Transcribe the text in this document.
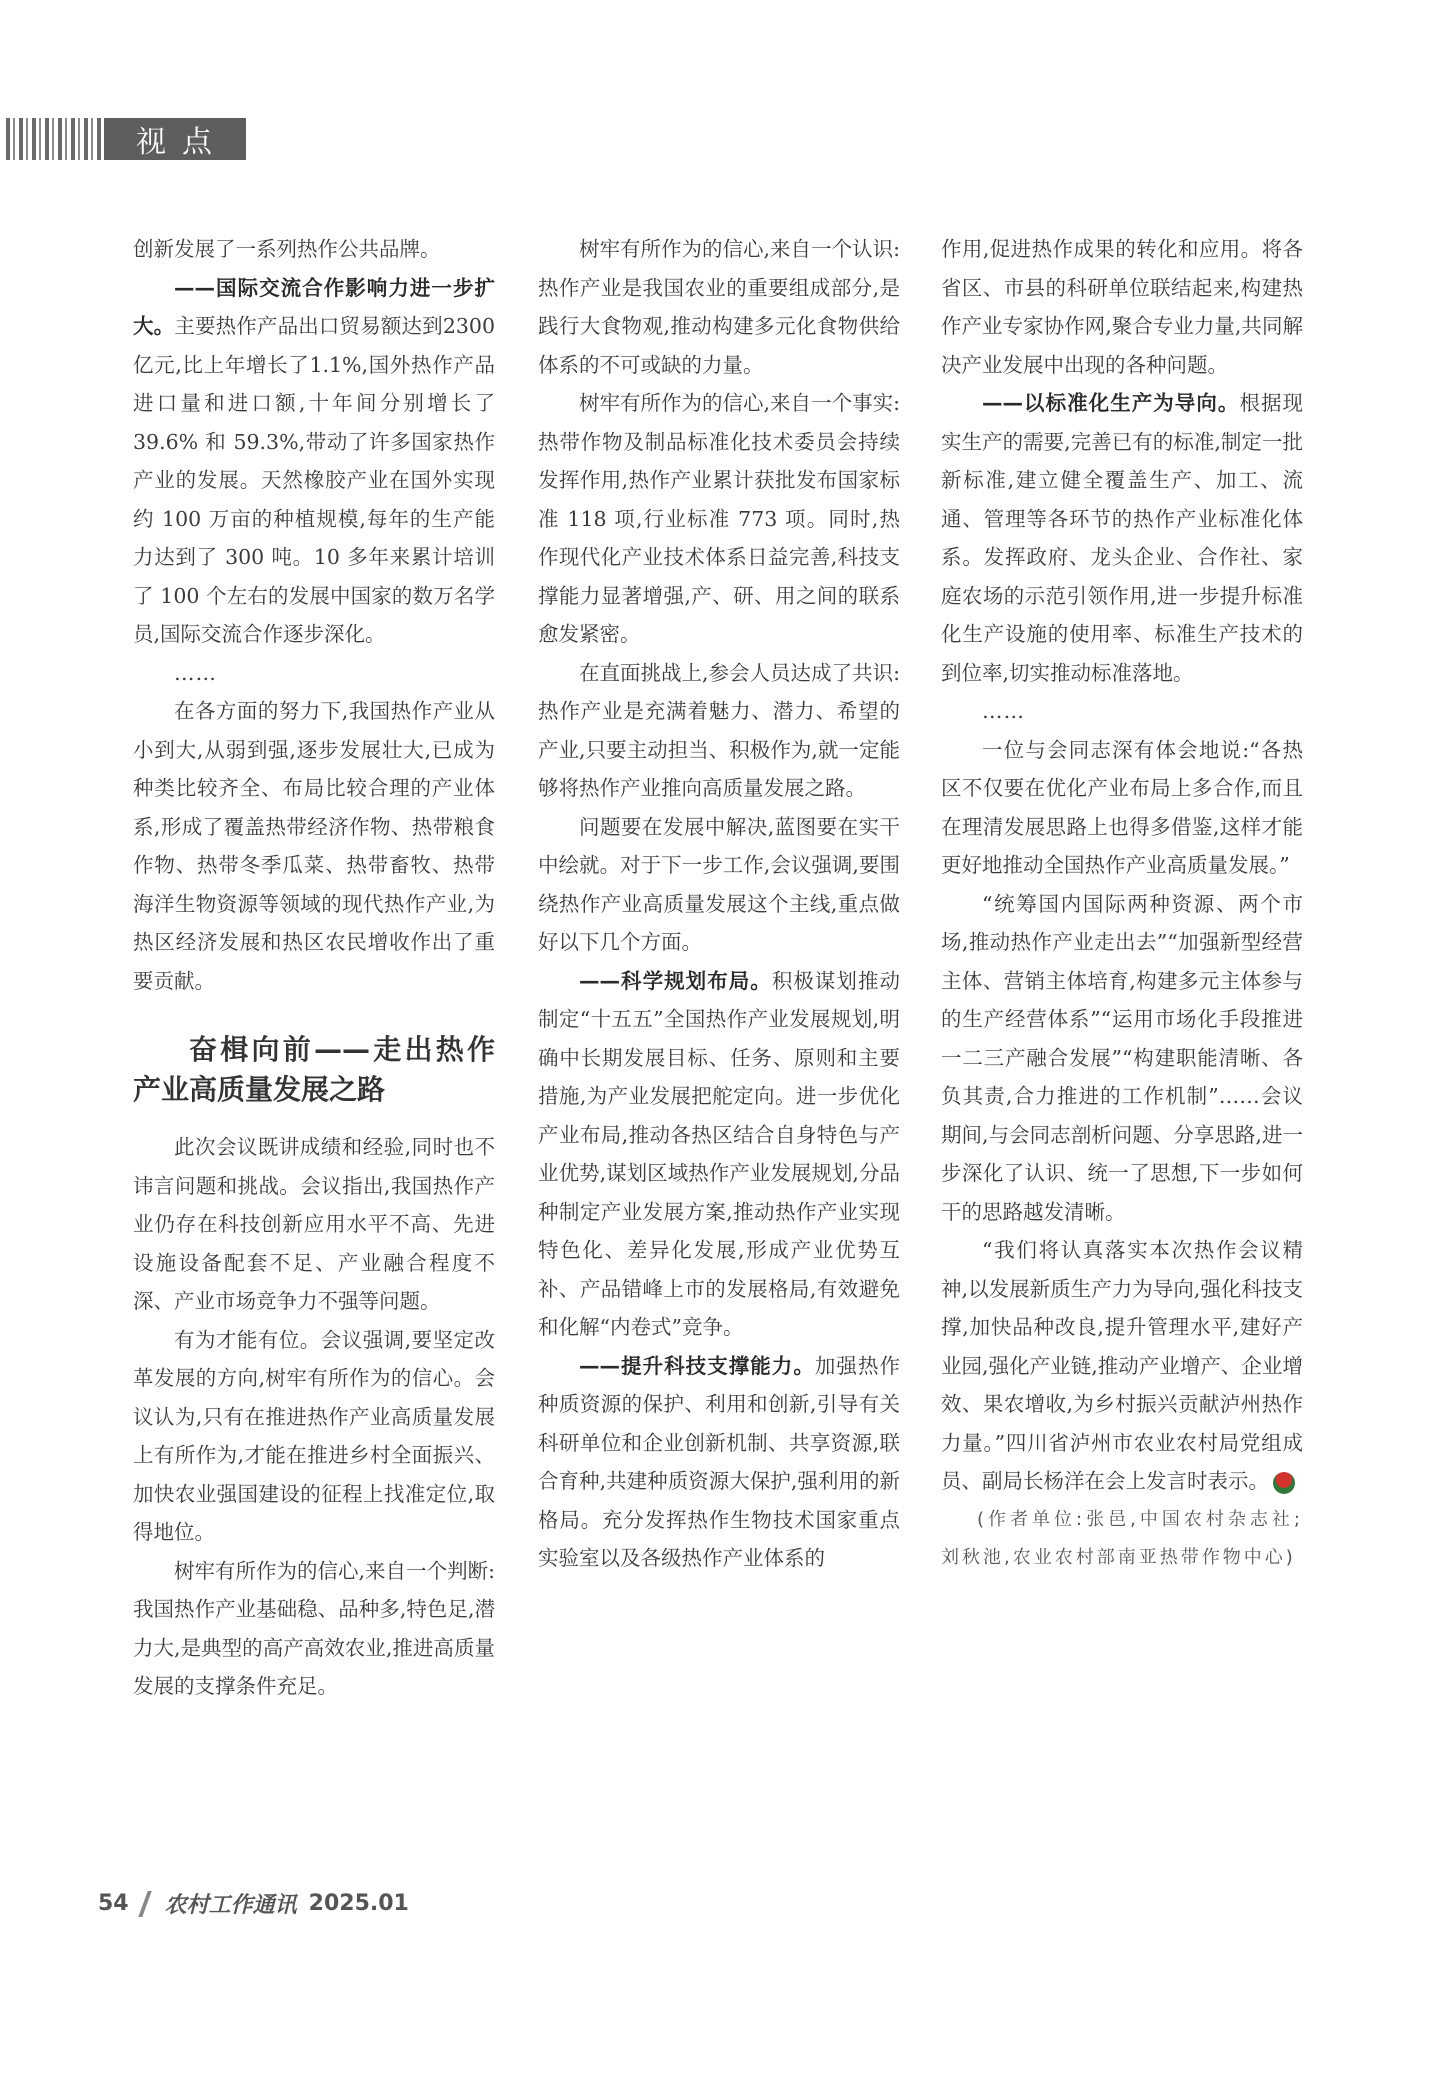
视点

创新发展了一系列热作公共品牌。

——国际交流合作影响力进一步扩大。主要热作产品出口贸易额达到2300亿元,比上年增长了1.1%,国外热作产品进口量和进口额,十年间分别增长了39.6% 和 59.3%,带动了许多国家热作产业的发展。天然橡胶产业在国外实现约 100 万亩的种植规模,每年的生产能力达到了 300 吨。10 多年来累计培训了 100 个左右的发展中国家的数万名学员,国际交流合作逐步深化。

……

在各方面的努力下,我国热作产业从小到大,从弱到强,逐步发展壮大,已成为种类比较齐全、布局比较合理的产业体系,形成了覆盖热带经济作物、热带粮食作物、热带冬季瓜菜、热带畜牧、热带海洋生物资源等领域的现代热作产业,为热区经济发展和热区农民增收作出了重要贡献。

奋楫向前——走出热作产业高质量发展之路

此次会议既讲成绩和经验,同时也不讳言问题和挑战。会议指出,我国热作产业仍存在科技创新应用水平不高、先进设施设备配套不足、产业融合程度不深、产业市场竞争力不强等问题。

有为才能有位。会议强调,要坚定改革发展的方向,树牢有所作为的信心。会议认为,只有在推进热作产业高质量发展上有所作为,才能在推进乡村全面振兴、加快农业强国建设的征程上找准定位,取得地位。

树牢有所作为的信心,来自一个判断:我国热作产业基础稳、品种多,特色足,潜力大,是典型的高产高效农业,推进高质量发展的支撑条件充足。

树牢有所作为的信心,来自一个认识:热作产业是我国农业的重要组成部分,是践行大食物观,推动构建多元化食物供给体系的不可或缺的力量。

树牢有所作为的信心,来自一个事实:热带作物及制品标准化技术委员会持续发挥作用,热作产业累计获批发布国家标准 118 项,行业标准 773 项。同时,热作现代化产业技术体系日益完善,科技支撑能力显著增强,产、研、用之间的联系愈发紧密。

在直面挑战上,参会人员达成了共识:热作产业是充满着魅力、潜力、希望的产业,只要主动担当、积极作为,就一定能够将热作产业推向高质量发展之路。

问题要在发展中解决,蓝图要在实干中绘就。对于下一步工作,会议强调,要围绕热作产业高质量发展这个主线,重点做好以下几个方面。

——科学规划布局。积极谋划推动制定“十五五”全国热作产业发展规划,明确中长期发展目标、任务、原则和主要措施,为产业发展把舵定向。进一步优化产业布局,推动各热区结合自身特色与产业优势,谋划区域热作产业发展规划,分品种制定产业发展方案,推动热作产业实现特色化、差异化发展,形成产业优势互补、产品错峰上市的发展格局,有效避免和化解“内卷式”竞争。

——提升科技支撑能力。加强热作种质资源的保护、利用和创新,引导有关科研单位和企业创新机制、共享资源,联合育种,共建种质资源大保护,强利用的新格局。充分发挥热作生物技术国家重点实验室以及各级热作产业体系的

作用,促进热作成果的转化和应用。将各省区、市县的科研单位联结起来,构建热作产业专家协作网,聚合专业力量,共同解决产业发展中出现的各种问题。

——以标准化生产为导向。根据现实生产的需要,完善已有的标准,制定一批新标准,建立健全覆盖生产、加工、流通、管理等各环节的热作产业标准化体系。发挥政府、龙头企业、合作社、家庭农场的示范引领作用,进一步提升标准化生产设施的使用率、标准生产技术的到位率,切实推动标准落地。

……

一位与会同志深有体会地说:“各热区不仅要在优化产业布局上多合作,而且在理清发展思路上也得多借鉴,这样才能更好地推动全国热作产业高质量发展。”

“统筹国内国际两种资源、两个市场,推动热作产业走出去”“加强新型经营主体、营销主体培育,构建多元主体参与的生产经营体系”“运用市场化手段推进一二三产融合发展”“构建职能清晰、各负其责,合力推进的工作机制”……会议期间,与会同志剖析问题、分享思路,进一步深化了认识、统一了思想,下一步如何干的思路越发清晰。

“我们将认真落实本次热作会议精神,以发展新质生产力为导向,强化科技支撑,加快品种改良,提升管理水平,建好产业园,强化产业链,推动产业增产、企业增效、果农增收,为乡村振兴贡献泸州热作力量。”四川省泸州市农业农村局党组成员、副局长杨洋在会上发言时表示。

(作者单位:张邑,中国农村杂志社;刘秋池,农业农村部南亚热带作物中心)

54 农村工作通讯 2025.01
